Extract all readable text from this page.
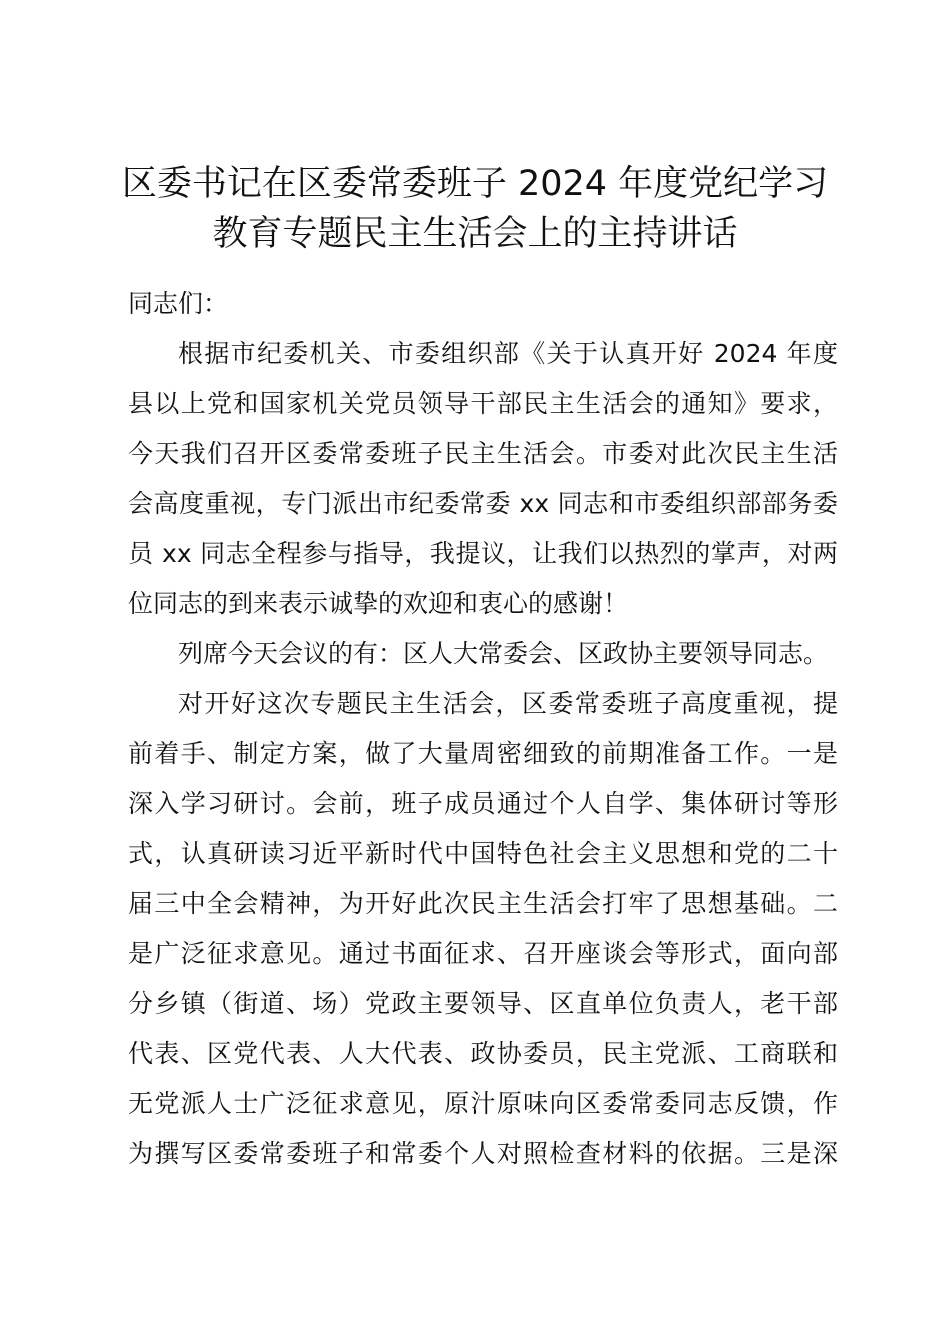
区委书记在区委常委班子 2024 年度党纪学习
教育专题民主生活会上的主持讲话
同志们：
根据市纪委机关、市委组织部《关于认真开好 2024 年度
县以上党和国家机关党员领导干部民主生活会的通知》要求，
今天我们召开区委常委班子民主生活会。市委对此次民主生活
会高度重视，专门派出市纪委常委 xx 同志和市委组织部部务委
员 xx 同志全程参与指导，我提议，让我们以热烈的掌声，对两
位同志的到来表示诚挚的欢迎和衷心的感谢！
列席今天会议的有：区人大常委会、区政协主要领导同志。
对开好这次专题民主生活会，区委常委班子高度重视，提
前着手、制定方案，做了大量周密细致的前期准备工作。一是
深入学习研讨。会前，班子成员通过个人自学、集体研讨等形
式，认真研读习近平新时代中国特色社会主义思想和党的二十
届三中全会精神，为开好此次民主生活会打牢了思想基础。二
是广泛征求意见。通过书面征求、召开座谈会等形式，面向部
分乡镇（街道、场）党政主要领导、区直单位负责人，老干部
代表、区党代表、人大代表、政协委员，民主党派、工商联和
无党派人士广泛征求意见，原汁原味向区委常委同志反馈，作
为撰写区委常委班子和常委个人对照检查材料的依据。三是深
